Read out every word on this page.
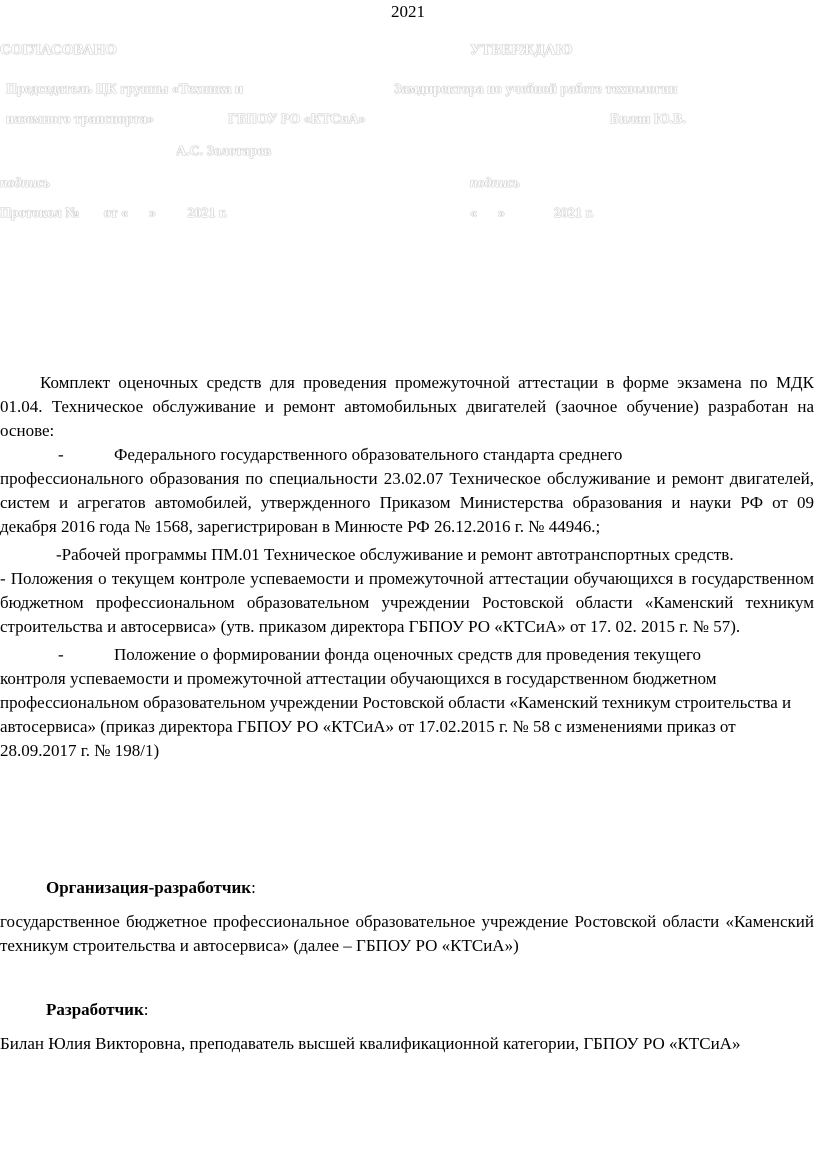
2021
СОГЛАСОВАНО	УТВЕРЖДАЮ
Председатель ЦК группы «Техника и	Замдиректора по учебной работе технологии
наземного транспорта»	ГБПОУ РО «КТСиА»	Билан Ю.В.
А.С. Золотарев
подпись	подпись
Протокол №       от «      »         2021 г.	«      »              2021 г.

Комплект оценочных средств для проведения промежуточной аттестации в форме экзамена по МДК 01.04. Техническое обслуживание и ремонт автомобильных двигателей (заочное обучение) разработан на основе:

-	Федерального государственного образовательного стандарта среднего

профессионального образования по специальности 23.02.07 Техническое обслуживание и ремонт двигателей, систем и агрегатов автомобилей, утвержденного Приказом Министерства образования и науки РФ от 09 декабря 2016 года № 1568, зарегистрирован в Минюсте РФ 26.12.2016 г. № 44946.;

-Рабочей программы ПМ.01 Техническое обслуживание и ремонт автотранспортных средств.

- Положения о текущем контроле успеваемости и промежуточной аттестации обучающихся в государственном бюджетном профессиональном образовательном учреждении Ростовской области «Каменский техникум строительства и автосервиса» (утв. приказом директора ГБПОУ РО «КТСиА» от 17. 02. 2015 г. № 57).

-	Положение о формировании фонда оценочных средств для проведения текущего

контроля успеваемости и промежуточной аттестации обучающихся в государственном бюджетном профессиональном образовательном учреждении Ростовской области «Каменский техникум строительства и автосервиса» (приказ директора ГБПОУ РО «КТСиА» от 17.02.2015 г. № 58 с изменениями приказ от 28.09.2017 г. № 198/1)

Организация-разработчик:

государственное бюджетное профессиональное образовательное учреждение Ростовской области «Каменский техникум строительства и автосервиса» (далее – ГБПОУ РО «КТСиА»)

Разработчик:

Билан Юлия Викторовна, преподаватель высшей квалификационной категории, ГБПОУ РО «КТСиА»
